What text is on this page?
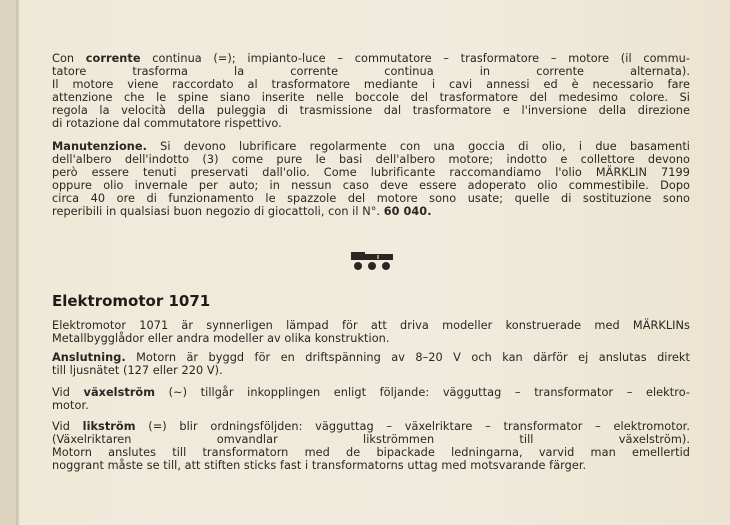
Con corrente continua (=); impianto-luce – commutatore – trasformatore – motore (il commu-
tatore trasforma la corrente continua in corrente alternata).
Il motore viene raccordato al trasformatore mediante i cavi annessi ed è necessario fare
attenzione che le spine siano inserite nelle boccole del trasformatore del medesimo colore. Si
regola la velocità della puleggia di trasmissione dal trasformatore e l'inversione della direzione
di rotazione dal commutatore rispettivo.
Manutenzione. Si devono lubrificare regolarmente con una goccia di olio, i due basamenti
dell'albero dell'indotto (3) come pure le basi dell'albero motore; indotto e collettore devono
però essere tenuti preservati dall'olio. Come lubrificante raccomandiamo l'olio MÄRKLIN 7199
oppure olio invernale per auto; in nessun caso deve essere adoperato olio commestibile. Dopo
circa 40 ore di funzionamento le spazzole del motore sono usate; quelle di sostituzione sono
reperibili in qualsiasi buon negozio di giocattoli, con il N°. 60 040.
Elektromotor 1071
Elektromotor 1071 är synnerligen lämpad för att driva modeller konstruerade med MÄRKLINs
Metallbygglådor eller andra modeller av olika konstruktion.
Anslutning. Motorn är byggd för en driftspänning av 8–20 V och kan därför ej anslutas direkt
till ljusnätet (127 eller 220 V).
Vid växelström (~) tillgår inkopplingen enligt följande: vägguttag – transformator – elektro-
motor.
Vid likström (=) blir ordningsföljden: vägguttag – växelriktare – transformator – elektromotor.
(Växelriktaren omvandlar likströmmen till växelström).
Motorn anslutes till transformatorn med de bipackade ledningarna, varvid man emellertid
noggrant måste se till, att stiften sticks fast i transformatorns uttag med motsvarande färger.
